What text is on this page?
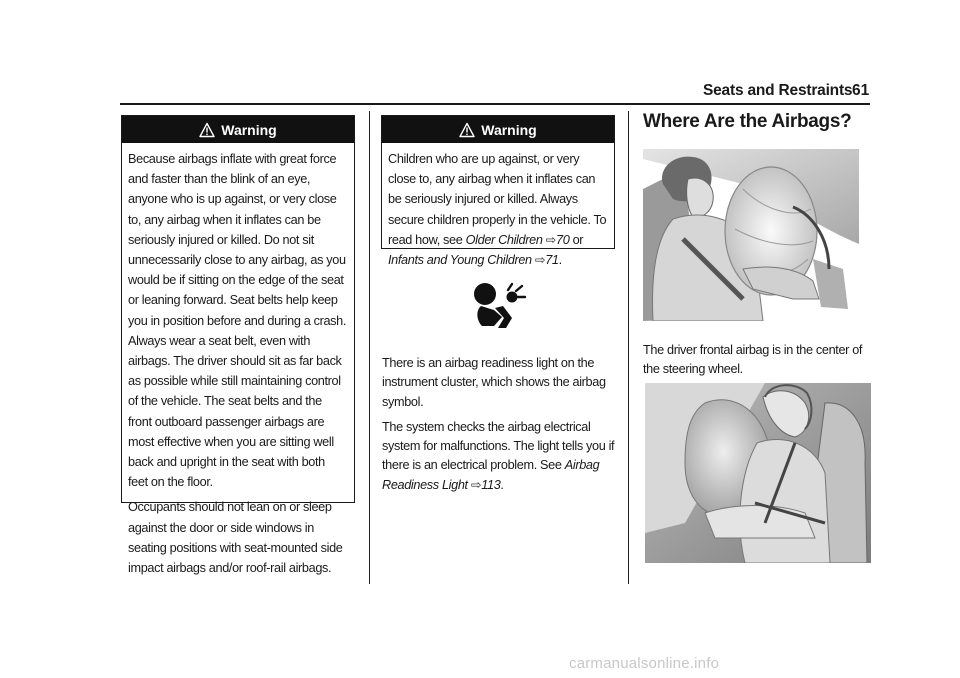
Seats and Restraints 61
Warning

Because airbags inflate with great force and faster than the blink of an eye, anyone who is up against, or very close to, any airbag when it inflates can be seriously injured or killed. Do not sit unnecessarily close to any airbag, as you would be if sitting on the edge of the seat or leaning forward. Seat belts help keep you in position before and during a crash. Always wear a seat belt, even with airbags. The driver should sit as far back as possible while still maintaining control of the vehicle. The seat belts and the front outboard passenger airbags are most effective when you are sitting well back and upright in the seat with both feet on the floor.

Occupants should not lean on or sleep against the door or side windows in seating positions with seat-mounted side impact airbags and/or roof-rail airbags.

Warning

Children who are up against, or very close to, any airbag when it inflates can be seriously injured or killed. Always secure children properly in the vehicle. To read how, see Older Children ⇨70 or Infants and Young Children ⇨71.

There is an airbag readiness light on the instrument cluster, which shows the airbag symbol.

The system checks the airbag electrical system for malfunctions. The light tells you if there is an electrical problem. See Airbag Readiness Light ⇨113.

Where Are the Airbags?
The driver frontal airbag is in the center of the steering wheel.
carmanualsonline.info
